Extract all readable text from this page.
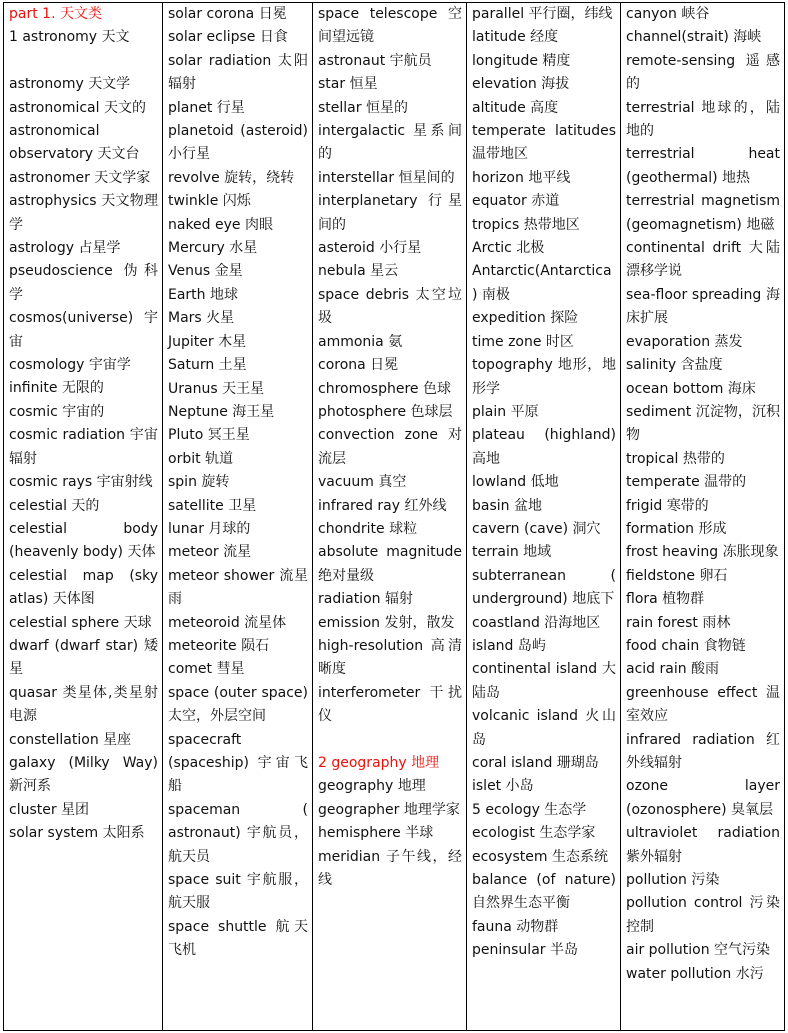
part 1. 天文类
1 astronomy 天文
astronomy 天文学
astronomical 天文的
astronomical observatory 天文台
astronomer 天文学家
astrophysics 天文物理学
astrology 占星学
pseudoscience 伪科学
cosmos(universe) 宇宙
cosmology 宇宙学
infinite 无限的
cosmic 宇宙的
cosmic radiation 宇宙辐射
cosmic rays 宇宙射线
celestial 天的
celestial body (heavenly body) 天体
celestial map (sky atlas) 天体图
celestial sphere 天球
dwarf (dwarf star) 矮星
quasar 类星体,类星射电源
constellation 星座
galaxy (Milky Way) 新河系
cluster 星团
solar system 太阳系
solar corona 日冕
solar eclipse 日食
solar radiation 太阳辐射
planet 行星
planetoid (asteroid) 小行星
revolve 旋转，绕转
twinkle 闪烁
naked eye 肉眼
Mercury 水星
Venus 金星
Earth 地球
Mars 火星
Jupiter 木星
Saturn 土星
Uranus 天王星
Neptune 海王星
Pluto 冥王星
orbit 轨道
spin 旋转
satellite 卫星
lunar 月球的
meteor 流星
meteor shower 流星雨
meteoroid 流星体
meteorite 陨石
comet 彗星
space (outer space) 太空，外层空间
spacecraft (spaceship) 宇宙飞船
spaceman ( astronaut) 宇航员，航天员
space suit 宇航服，航天服
space shuttle 航天飞机
space telescope 空间望远镜
astronaut 宇航员
star 恒星
stellar 恒星的
intergalactic 星系间的
interstellar 恒星间的
interplanetary 行星间的
asteroid 小行星
nebula 星云
space debris 太空垃圾
ammonia 氨
corona 日冕
chromosphere 色球
photosphere 色球层
convection zone 对流层
vacuum 真空
infrared ray 红外线
chondrite 球粒
absolute magnitude 绝对量级
radiation 辐射
emission 发射，散发
high-resolution 高清晰度
interferometer 干扰仪
2 geography 地理
geography 地理
geographer 地理学家
hemisphere 半球
meridian 子午线，经线
parallel 平行圈，纬线
latitude 经度
longitude 精度
elevation 海拔
altitude 高度
temperate latitudes 温带地区
horizon 地平线
equator 赤道
tropics 热带地区
Arctic 北极
Antarctic(Antarctica) 南极
expedition 探险
time zone 时区
topography 地形，地形学
plain 平原
plateau (highland) 高地
lowland 低地
basin 盆地
cavern (cave) 洞穴
terrain 地域
subterranean ( underground) 地底下
coastland 沿海地区
island 岛屿
continental island 大陆岛
volcanic island 火山岛
coral island 珊瑚岛
islet 小岛
5 ecology 生态学
ecologist 生态学家
ecosystem 生态系统
balance (of nature) 自然界生态平衡
fauna 动物群
peninsular 半岛
canyon 峡谷
channel(strait) 海峡
remote-sensing 遥感的
terrestrial 地球的，陆地的
terrestrial heat (geothermal) 地热
terrestrial magnetism (geomagnetism) 地磁
continental drift 大陆漂移学说
sea-floor spreading 海床扩展
evaporation 蒸发
salinity 含盐度
ocean bottom 海床
sediment 沉淀物，沉积物
tropical 热带的
temperate 温带的
frigid 寒带的
formation 形成
frost heaving 冻胀现象
fieldstone 卵石
flora 植物群
rain forest 雨林
food chain 食物链
acid rain 酸雨
greenhouse effect 温室效应
infrared radiation 红外线辐射
ozone layer (ozonosphere) 臭氧层
ultraviolet radiation 紫外辐射
pollution 污染
pollution control 污染控制
air pollution 空气污染
water pollution 水污
